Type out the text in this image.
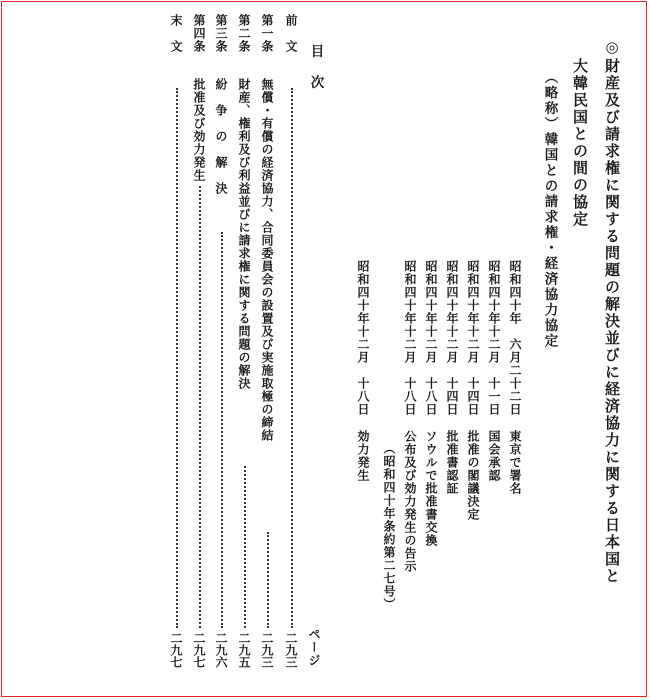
◎
財産及び請求権に関する問題の解決並びに経済協力に関する日本国と
大韓民国との間の協定
（略称）韓国との請求権・経済協力協定
昭和四十年　六月二十二日
東京で署名
昭和四十年十二月　十一日
国会承認
昭和四十年十二月　十四日
批准の閣議決定
昭和四十年十二月　十四日
批准書認証
昭和四十年十二月　十八日
ソウルで批准書交換
昭和四十年十二月　十八日
公布及び効力発生の告示
（昭和四十年条約第二七号）
昭和四十年十二月　十八日
効力発生
目　次
ページ
前　文
二九三
第一条
無償・有償の経済協力、合同委員会の設置及び実施取極の締結
二九三
第二条
財産、権利及び利益並びに請求権に関する問題の解決
二九五
第三条
紛　争　の　解　決
二九六
第四条
批准及び効力発生
二九七
末　文
二九七
